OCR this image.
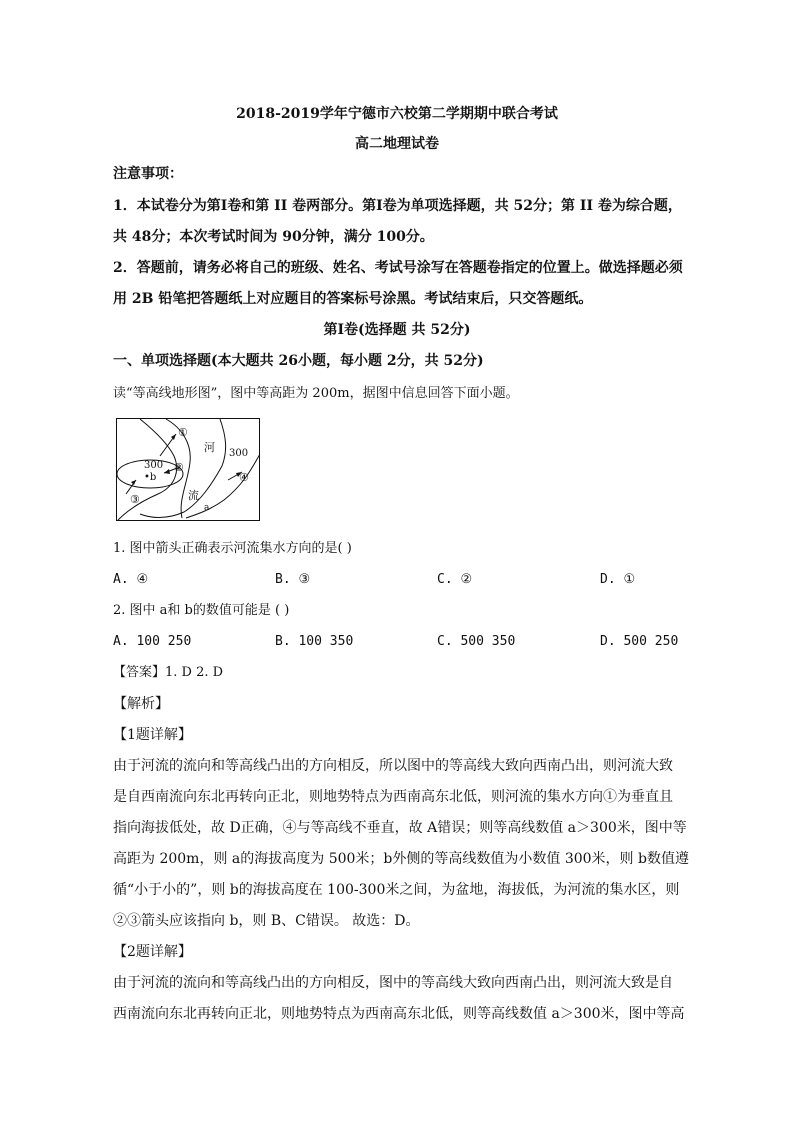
2018-2019学年宁德市六校第二学期期中联合考试
高二地理试卷
注意事项：
1．本试卷分为第Ⅰ卷和第 II 卷两部分。第Ⅰ卷为单项选择题，共 52分；第 II 卷为综合题，
共 48分；本次考试时间为 90分钟，满分 100分。
2．答题前，请务必将自己的班级、姓名、考试号涂写在答题卷指定的位置上。做选择题必须
用 2B 铅笔把答题纸上对应题目的答案标号涂黑。考试结束后，只交答题纸。
第Ⅰ卷(选择题 共 52分)
一、单项选择题(本大题共 26小题，每小题 2分，共 52分)
读“等高线地形图”，图中等高距为 200m，据图中信息回答下面小题。
①
河 300
300 ②
•b	④
③	流
a
1. 图中箭头正确表示河流集水方向的是( )
A. ④	B. ③	C. ②	D. ①
2. 图中 a和 b的数值可能是 ( )
A. 100 250	B. 100 350	C. 500 350	D. 500 250
【答案】1. D 2. D
【解析】
【1题详解】
由于河流的流向和等高线凸出的方向相反，所以图中的等高线大致向西南凸出，则河流大致
是自西南流向东北再转向正北，则地势特点为西南高东北低，则河流的集水方向①为垂直且
指向海拔低处，故 D正确，④与等高线不垂直，故 A错误；则等高线数值 a＞300米，图中等
高距为 200m，则 a的海拔高度为 500米；b外侧的等高线数值为小数值 300米，则 b数值遵
循“小于小的”，则 b的海拔高度在 100-300米之间，为盆地，海拔低，为河流的集水区，则
②③箭头应该指向 b，则 B、C错误。 故选：D。
【2题详解】
由于河流的流向和等高线凸出的方向相反，图中的等高线大致向西南凸出，则河流大致是自
西南流向东北再转向正北，则地势特点为西南高东北低，则等高线数值 a＞300米，图中等高
